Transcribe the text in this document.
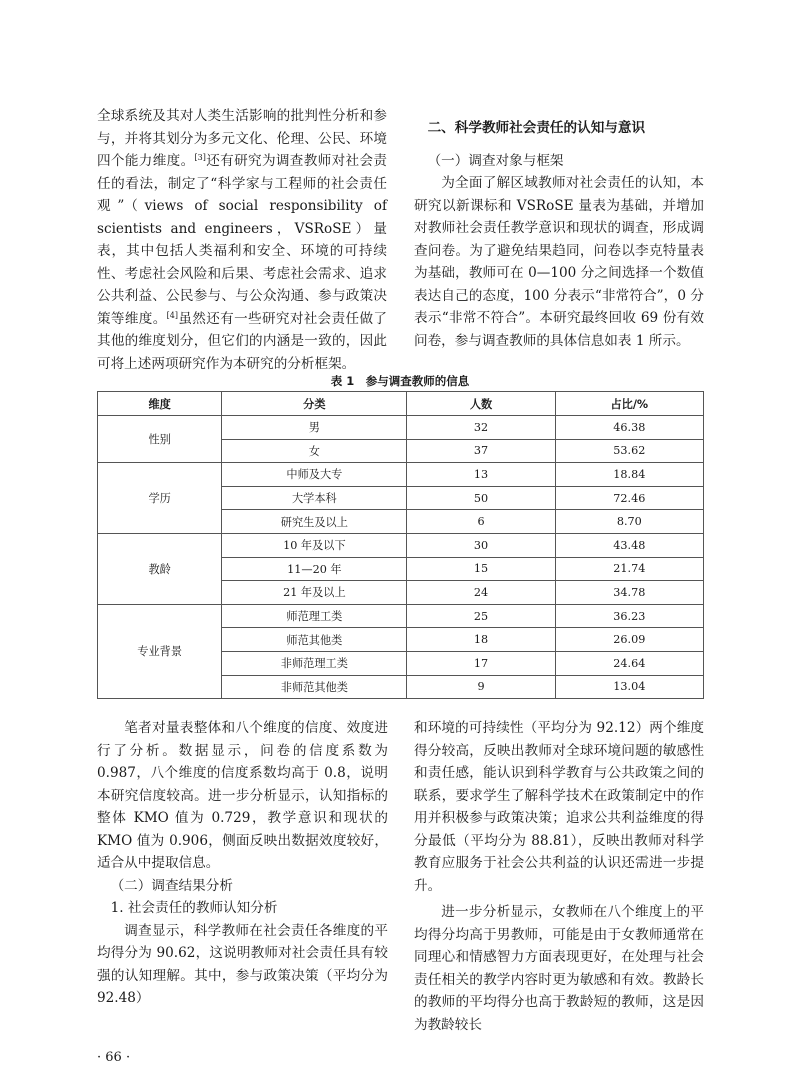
全球系统及其对人类生活影响的批判性分析和参与，并将其划分为多元文化、伦理、公民、环境四个能力维度。[3]还有研究为调查教师对社会责任的看法，制定了“科学家与工程师的社会责任观”（views of social responsibility of scientists and engineers，VSRoSE）量表，其中包括人类福利和安全、环境的可持续性、考虑社会风险和后果、考虑社会需求、追求公共利益、公民参与、与公众沟通、参与政策决策等维度。[4]虽然还有一些研究对社会责任做了其他的维度划分，但它们的内涵是一致的，因此可将上述两项研究作为本研究的分析框架。

二、科学教师社会责任的认知与意识

（一）调查对象与框架

为全面了解区域教师对社会责任的认知，本研究以新课标和 VSRoSE 量表为基础，并增加对教师社会责任教学意识和现状的调查，形成调查问卷。为了避免结果趋同，问卷以李克特量表为基础，教师可在 0—100 分之间选择一个数值表达自己的态度，100 分表示“非常符合”，0 分表示“非常不符合”。本研究最终回收 69 份有效问卷，参与调查教师的具体信息如表 1 所示。

表 1　参与调查教师的信息
维度	分类	人数	占比/%
性别	男	32	46.38
	女	37	53.62
学历	中师及大专	13	18.84
	大学本科	50	72.46
	研究生及以上	6	8.70
教龄	10 年及以下	30	43.48
	11—20 年	15	21.74
	21 年及以上	24	34.78
专业背景	师范理工类	25	36.23
	师范其他类	18	26.09
	非师范理工类	17	24.64
	非师范其他类	9	13.04

笔者对量表整体和八个维度的信度、效度进行了分析。数据显示，问卷的信度系数为 0.987，八个维度的信度系数均高于 0.8，说明本研究信度较高。进一步分析显示，认知指标的整体 KMO 值为 0.729，教学意识和现状的 KMO 值为 0.906，侧面反映出数据效度较好，适合从中提取信息。

（二）调查结果分析

1. 社会责任的教师认知分析

调查显示，科学教师在社会责任各维度的平均得分为 90.62，这说明教师对社会责任具有较强的认知理解。其中，参与政策决策（平均分为 92.48）

和环境的可持续性（平均分为 92.12）两个维度得分较高，反映出教师对全球环境问题的敏感性和责任感，能认识到科学教育与公共政策之间的联系，要求学生了解科学技术在政策制定中的作用并积极参与政策决策；追求公共利益维度的得分最低（平均分为 88.81），反映出教师对科学教育应服务于社会公共利益的认识还需进一步提升。

进一步分析显示，女教师在八个维度上的平均得分均高于男教师，可能是由于女教师通常在同理心和情感智力方面表现更好，在处理与社会责任相关的教学内容时更为敏感和有效。教龄长的教师的平均得分也高于教龄短的教师，这是因为教龄较长

· 66 ·
